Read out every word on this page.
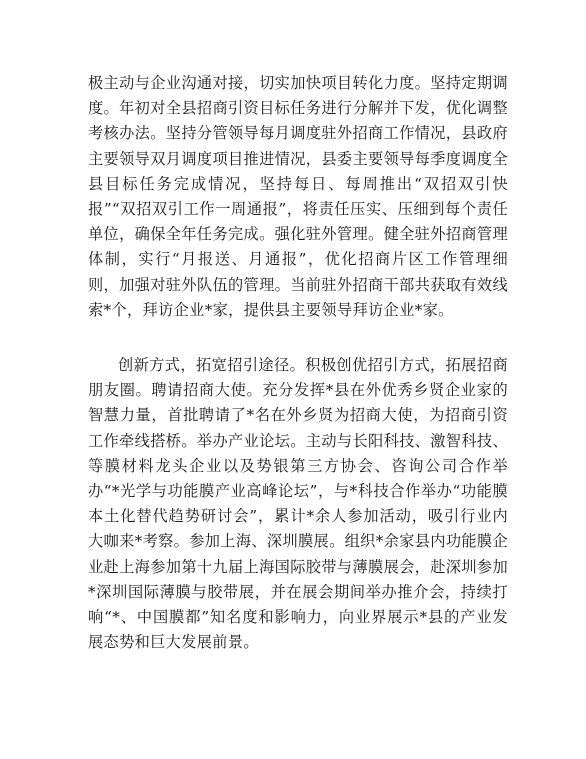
极主动与企业沟通对接，切实加快项目转化力度。坚持定期调度。年初对全县招商引资目标任务进行分解并下发，优化调整考核办法。坚持分管领导每月调度驻外招商工作情况，县政府主要领导双月调度项目推进情况，县委主要领导每季度调度全县目标任务完成情况，坚持每日、每周推出“双招双引快报”“双招双引工作一周通报”，将责任压实、压细到每个责任单位，确保全年任务完成。强化驻外管理。健全驻外招商管理体制，实行“月报送、月通报”，优化招商片区工作管理细则，加强对驻外队伍的管理。当前驻外招商干部共获取有效线索*个，拜访企业*家，提供县主要领导拜访企业*家。

创新方式，拓宽招引途径。积极创优招引方式，拓展招商朋友圈。聘请招商大使。充分发挥*县在外优秀乡贤企业家的智慧力量，首批聘请了*名在外乡贤为招商大使，为招商引资工作牵线搭桥。举办产业论坛。主动与长阳科技、激智科技、等膜材料龙头企业以及势银第三方协会、咨询公司合作举办“*光学与功能膜产业高峰论坛”，与*科技合作举办“功能膜本土化替代趋势研讨会”，累计*余人参加活动，吸引行业内大咖来*考察。参加上海、深圳膜展。组织*余家县内功能膜企业赴上海参加第十九届上海国际胶带与薄膜展会，赴深圳参加*深圳国际薄膜与胶带展，并在展会期间举办推介会，持续打响“*、中国膜都”知名度和影响力，向业界展示*县的产业发展态势和巨大发展前景。
